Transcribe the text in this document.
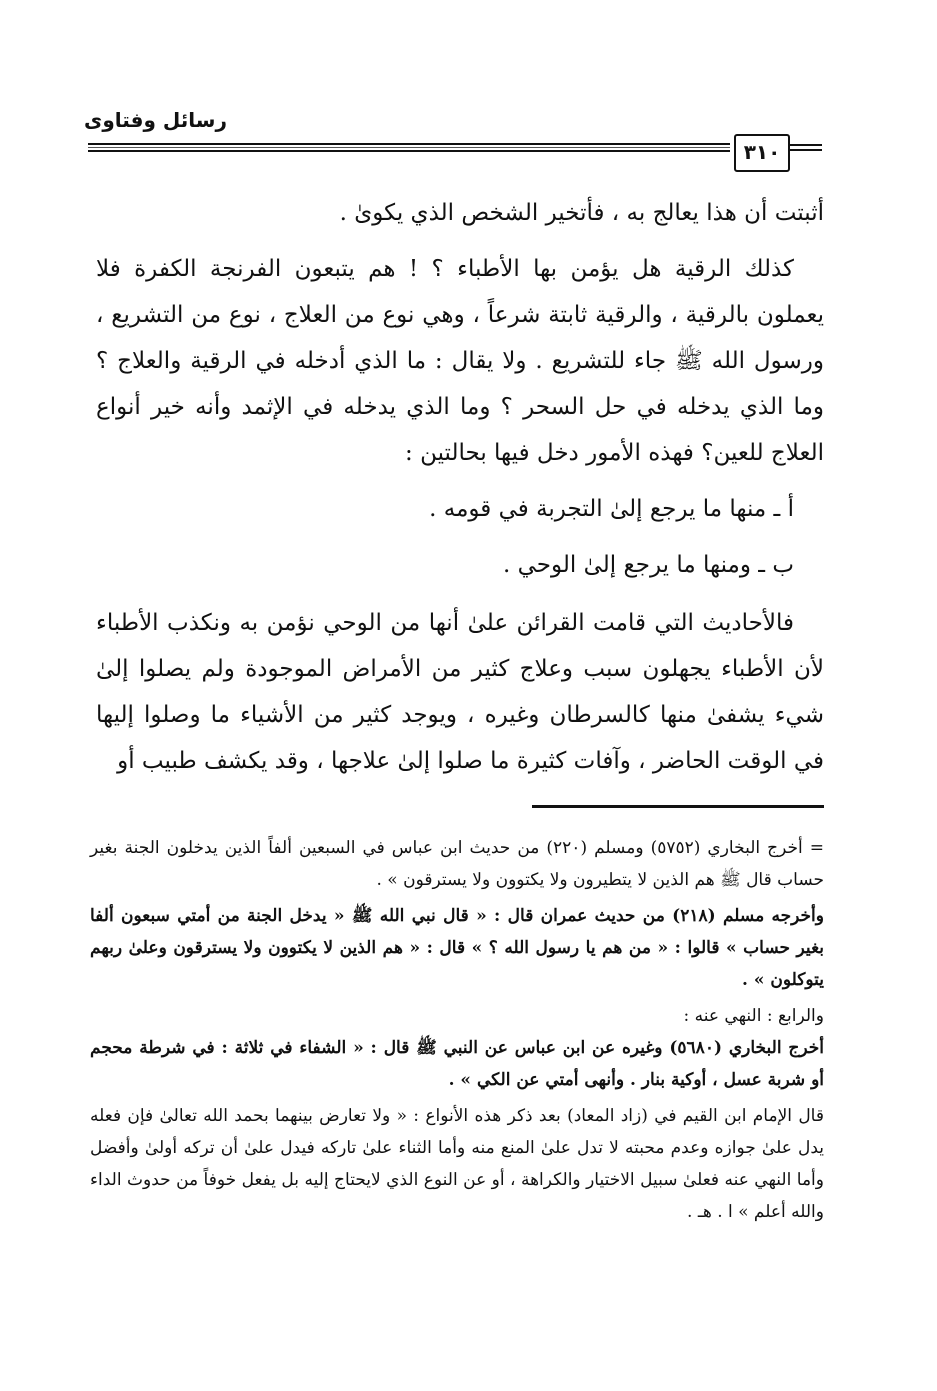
رسائل وفتاوى
٣١٠

أثبتت أن هذا يعالج به ، فأتخير الشخص الذي يكوىٰ .

كذلك الرقية هل يؤمن بها الأطباء ؟ ! هم يتبعون الفرنجة الكفرة فلا يعملون بالرقية ، والرقية ثابتة شرعاً ، وهي نوع من العلاج ، نوع من التشريع ، ورسول الله ﷺ جاء للتشريع . ولا يقال : ما الذي أدخله في الرقية والعلاج ؟ وما الذي يدخله في حل السحر ؟ وما الذي يدخله في الإثمد وأنه خير أنواع العلاج للعين؟ فهذه الأمور دخل فيها بحالتين :

أ ـ منها ما يرجع إلىٰ التجربة في قومه .

ب ـ ومنها ما يرجع إلىٰ الوحي .

فالأحاديث التي قامت القرائن علىٰ أنها من الوحي نؤمن به ونكذب الأطباء لأن الأطباء يجهلون سبب وعلاج كثير من الأمراض الموجودة ولم يصلوا إلىٰ شيء يشفىٰ منها كالسرطان وغيره ، ويوجد كثير من الأشياء ما وصلوا إليها في الوقت الحاضر ، وآفات كثيرة ما صلوا إلىٰ علاجها ، وقد يكشف طبيب أو

= أخرج البخاري (٥٧٥٢) ومسلم (٢٢٠) من حديث ابن عباس في السبعين ألفاً الذين يدخلون الجنة بغير حساب قال ﷺ هم الذين لا يتطيرون ولا يكتوون ولا يسترقون » .

وأخرجه مسلم (٢١٨) من حديث عمران قال : « قال نبي الله ﷺ « يدخل الجنة من أمتي سبعون ألفا بغير حساب » قالوا : « من هم يا رسول الله ؟ » قال : « هم الذين لا يكتوون ولا يسترقون وعلىٰ ربهم يتوكلون » .

والرابع : النهي عنه :

أخرج البخاري (٥٦٨٠) وغيره عن ابن عباس عن النبي ﷺ قال : « الشفاء في ثلاثة : في شرطة محجم أو شربة عسل ، أوكية بنار . وأنهى أمتي عن الكي » .

قال الإمام ابن القيم في (زاد المعاد) بعد ذكر هذه الأنواع : « ولا تعارض بينهما بحمد الله تعالىٰ فإن فعله يدل علىٰ جوازه وعدم محبته لا تدل علىٰ المنع منه وأما الثناء علىٰ تاركه فيدل علىٰ أن تركه أولىٰ وأفضل وأما النهي عنه فعلىٰ سبيل الاختيار والكراهة ، أو عن النوع الذي لايحتاج إليه بل يفعل خوفاً من حدوث الداء والله أعلم » ا . هـ .
